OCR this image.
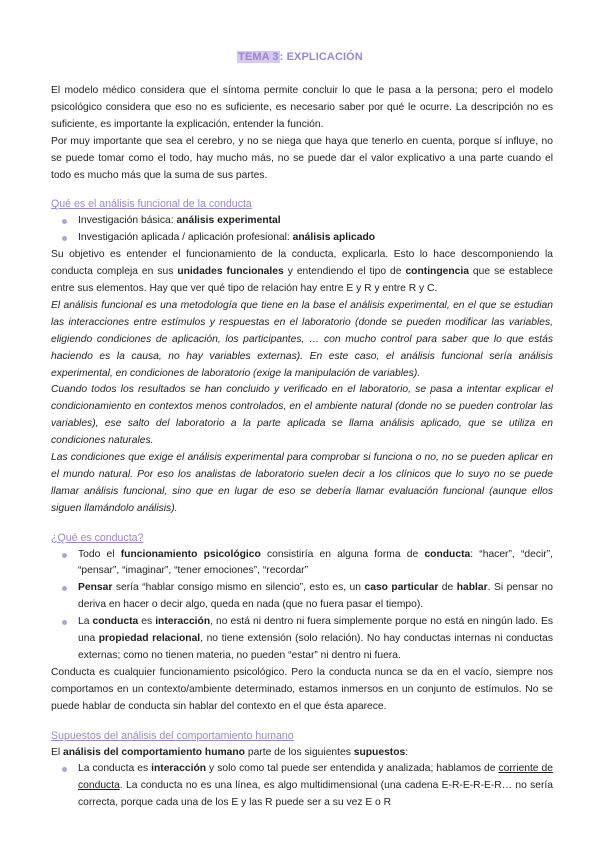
TEMA 3: EXPLICACIÓN

El modelo médico considera que el síntoma permite concluir lo que le pasa a la persona; pero el modelo psicológico considera que eso no es suficiente, es necesario saber por qué le ocurre. La descripción no es suficiente, es importante la explicación, entender la función.

Por muy importante que sea el cerebro, y no se niega que haya que tenerlo en cuenta, porque sí influye, no se puede tomar como el todo, hay mucho más, no se puede dar el valor explicativo a una parte cuando el todo es mucho más que la suma de sus partes.

Qué es el análisis funcional de la conducta
Investigación básica: análisis experimental
Investigación aplicada / aplicación profesional: análisis aplicado

Su objetivo es entender el funcionamiento de la conducta, explicarla. Esto lo hace descomponiendo la conducta compleja en sus unidades funcionales y entendiendo el tipo de contingencia que se establece entre sus elementos. Hay que ver qué tipo de relación hay entre E y R y entre R y C.

El análisis funcional es una metodología que tiene en la base el análisis experimental, en el que se estudian las interacciones entre estímulos y respuestas en el laboratorio (donde se pueden modificar las variables, eligiendo condiciones de aplicación, los participantes, … con mucho control para saber que lo que estás haciendo es la causa, no hay variables externas). En este caso, el análisis funcional sería análisis experimental, en condiciones de laboratorio (exige la manipulación de variables).

Cuando todos los resultados se han concluido y verificado en el laboratorio, se pasa a intentar explicar el condicionamiento en contextos menos controlados, en el ambiente natural (donde no se pueden controlar las variables), ese salto del laboratorio a la parte aplicada se llama análisis aplicado, que se utiliza en condiciones naturales.

Las condiciones que exige el análisis experimental para comprobar si funciona o no, no se pueden aplicar en el mundo natural. Por eso los analistas de laboratorio suelen decir a los clínicos que lo suyo no se puede llamar análisis funcional, sino que en lugar de eso se debería llamar evaluación funcional (aunque ellos siguen llamándolo análisis).

¿Qué es conducta?
Todo el funcionamiento psicológico consistiría en alguna forma de conducta: “hacer”, “decir”, “pensar”, “imaginar”, “tener emociones”, “recordar”
Pensar sería “hablar consigo mismo en silencio”, esto es, un caso particular de hablar. Si pensar no deriva en hacer o decir algo, queda en nada (que no fuera pasar el tiempo).
La conducta es interacción, no está ni dentro ni fuera simplemente porque no está en ningún lado. Es una propiedad relacional, no tiene extensión (solo relación). No hay conductas internas ni conductas externas; como no tienen materia, no pueden “estar” ni dentro ni fuera.

Conducta es cualquier funcionamiento psicológico. Pero la conducta nunca se da en el vacío, siempre nos comportamos en un contexto/ambiente determinado, estamos inmersos en un conjunto de estímulos. No se puede hablar de conducta sin hablar del contexto en el que ésta aparece.

Supuestos del análisis del comportamiento humano

El análisis del comportamiento humano parte de los siguientes supuestos:

La conducta es interacción y solo como tal puede ser entendida y analizada; hablamos de corriente de conducta. La conducta no es una línea, es algo multidimensional (una cadena E-R-E-R-E-R… no sería correcta, porque cada una de los E y las R puede ser a su vez E o R
